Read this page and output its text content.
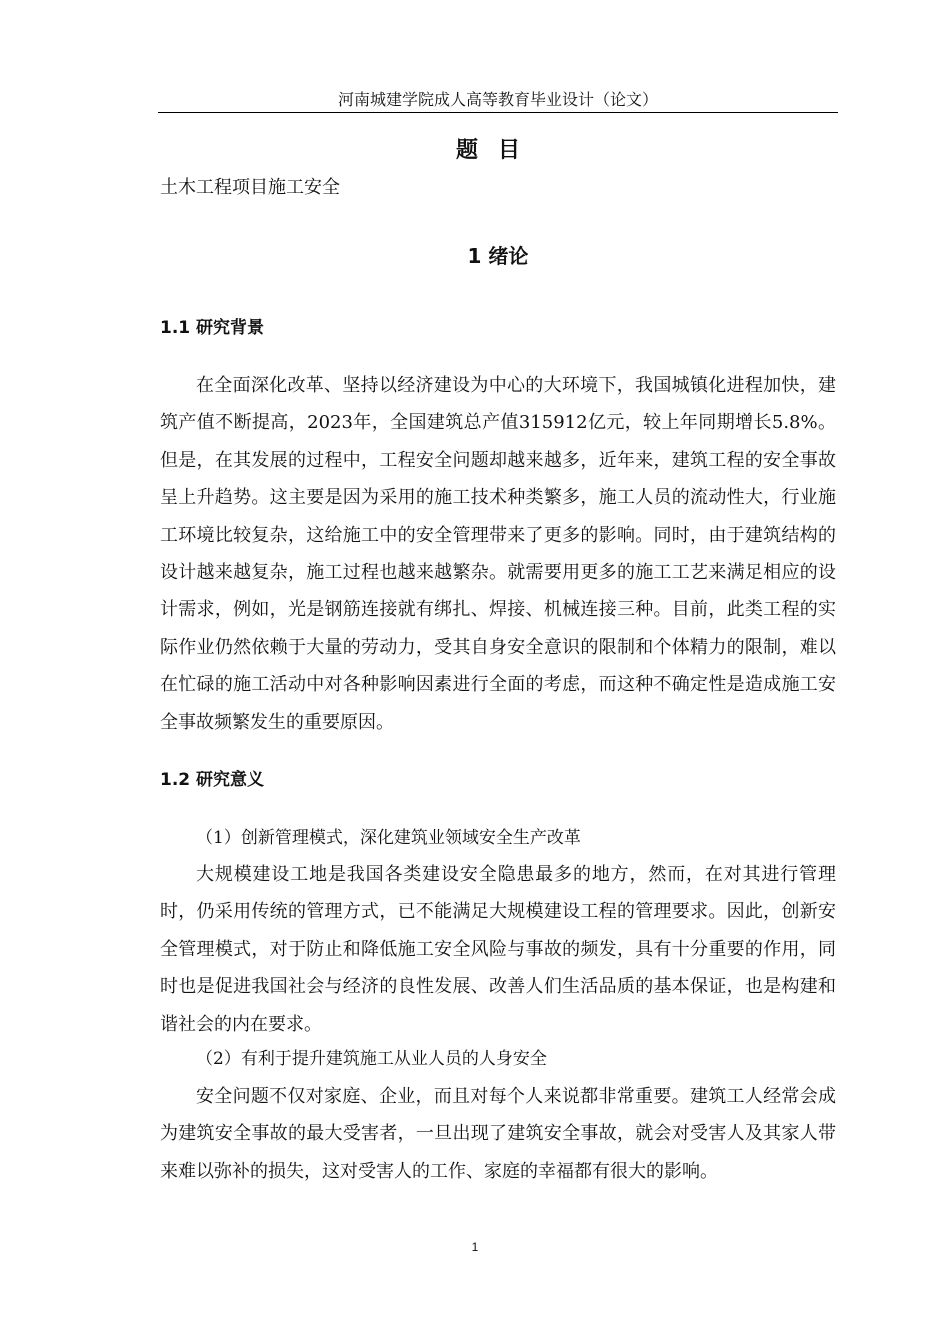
河南城建学院成人高等教育毕业设计（论文）
题目
土木工程项目施工安全
1 绪论
1.1 研究背景

在全面深化改革、坚持以经济建设为中心的大环境下，我国城镇化进程加快，建筑产值不断提高，2023年，全国建筑总产值315912亿元，较上年同期增长5.8%。但是，在其发展的过程中，工程安全问题却越来越多，近年来，建筑工程的安全事故呈上升趋势。这主要是因为采用的施工技术种类繁多，施工人员的流动性大，行业施工环境比较复杂，这给施工中的安全管理带来了更多的影响。同时，由于建筑结构的设计越来越复杂，施工过程也越来越繁杂。就需要用更多的施工工艺来满足相应的设计需求，例如，光是钢筋连接就有绑扎、焊接、机械连接三种。目前，此类工程的实际作业仍然依赖于大量的劳动力，受其自身安全意识的限制和个体精力的限制，难以在忙碌的施工活动中对各种影响因素进行全面的考虑，而这种不确定性是造成施工安全事故频繁发生的重要原因。

1.2 研究意义
（1）创新管理模式，深化建筑业领域安全生产改革

大规模建设工地是我国各类建设安全隐患最多的地方，然而，在对其进行管理时，仍采用传统的管理方式，已不能满足大规模建设工程的管理要求。因此，创新安全管理模式，对于防止和降低施工安全风险与事故的频发，具有十分重要的作用，同时也是促进我国社会与经济的良性发展、改善人们生活品质的基本保证，也是构建和谐社会的内在要求。

（2）有利于提升建筑施工从业人员的人身安全

安全问题不仅对家庭、企业，而且对每个人来说都非常重要。建筑工人经常会成为建筑安全事故的最大受害者，一旦出现了建筑安全事故，就会对受害人及其家人带来难以弥补的损失，这对受害人的工作、家庭的幸福都有很大的影响。

1
